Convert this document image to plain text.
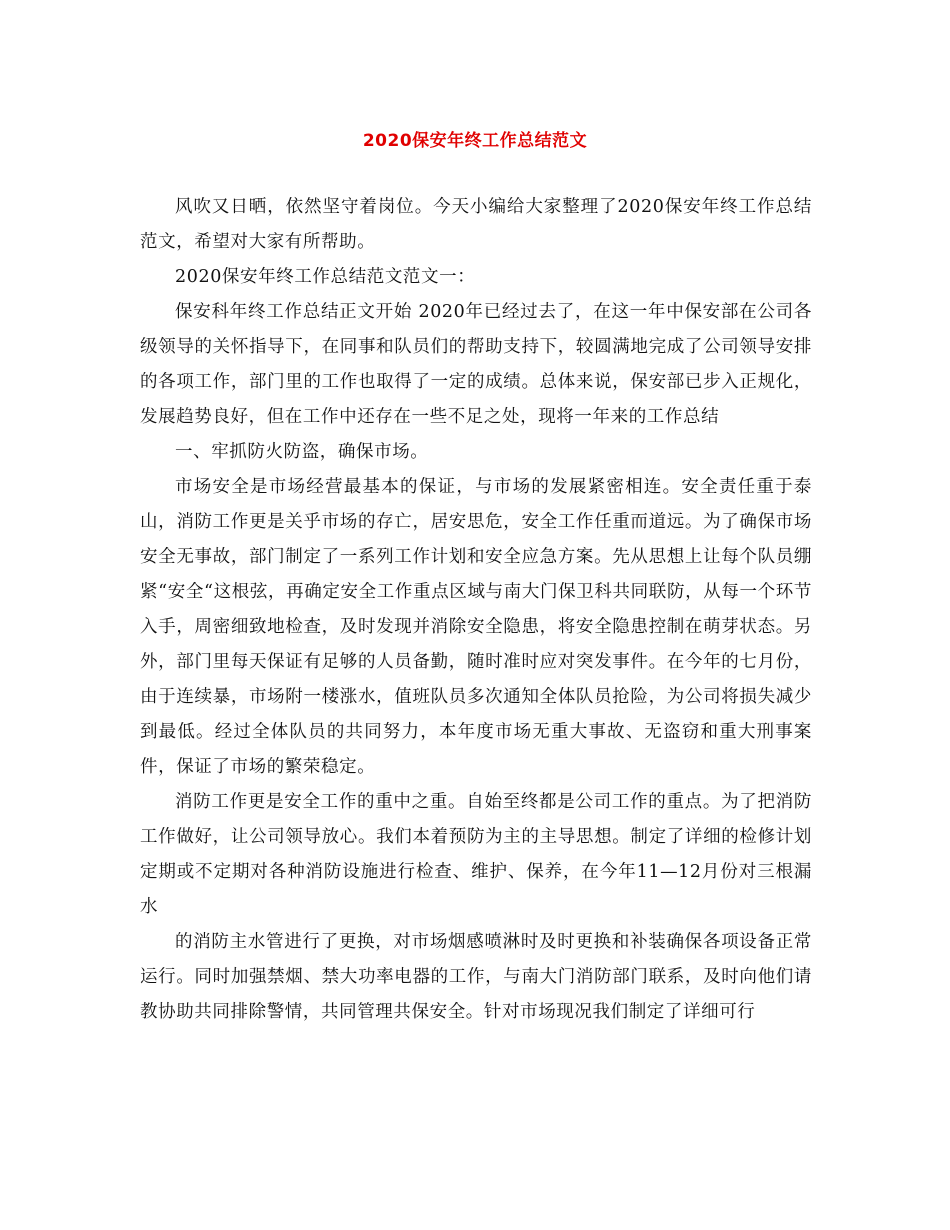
2020保安年终工作总结范文

风吹又日晒，依然坚守着岗位。今天小编给大家整理了2020保安年终工作总结范文，希望对大家有所帮助。

2020保安年终工作总结范文范文一：

保安科年终工作总结正文开始 2020年已经过去了，在这一年中保安部在公司各级领导的关怀指导下，在同事和队员们的帮助支持下，较圆满地完成了公司领导安排的各项工作，部门里的工作也取得了一定的成绩。总体来说，保安部已步入正规化，发展趋势良好，但在工作中还存在一些不足之处，现将一年来的工作总结

一、牢抓防火防盗，确保市场。

市场安全是市场经营最基本的保证，与市场的发展紧密相连。安全责任重于泰山，消防工作更是关乎市场的存亡，居安思危，安全工作任重而道远。为了确保市场安全无事故，部门制定了一系列工作计划和安全应急方案。先从思想上让每个队员绷紧“安全“这根弦，再确定安全工作重点区域与南大门保卫科共同联防，从每一个环节入手，周密细致地检查，及时发现并消除安全隐患，将安全隐患控制在萌芽状态。另外，部门里每天保证有足够的人员备勤，随时准时应对突发事件。在今年的七月份，由于连续暴，市场附一楼涨水，值班队员多次通知全体队员抢险，为公司将损失减少到最低。经过全体队员的共同努力，本年度市场无重大事故、无盗窃和重大刑事案件，保证了市场的繁荣稳定。

消防工作更是安全工作的重中之重。自始至终都是公司工作的重点。为了把消防工作做好，让公司领导放心。我们本着预防为主的主导思想。制定了详细的检修计划定期或不定期对各种消防设施进行检查、维护、保养，在今年11—12月份对三根漏水

的消防主水管进行了更换，对市场烟感喷淋时及时更换和补装确保各项设备正常运行。同时加强禁烟、禁大功率电器的工作，与南大门消防部门联系，及时向他们请教协助共同排除警情，共同管理共保安全。针对市场现况我们制定了详细可行
